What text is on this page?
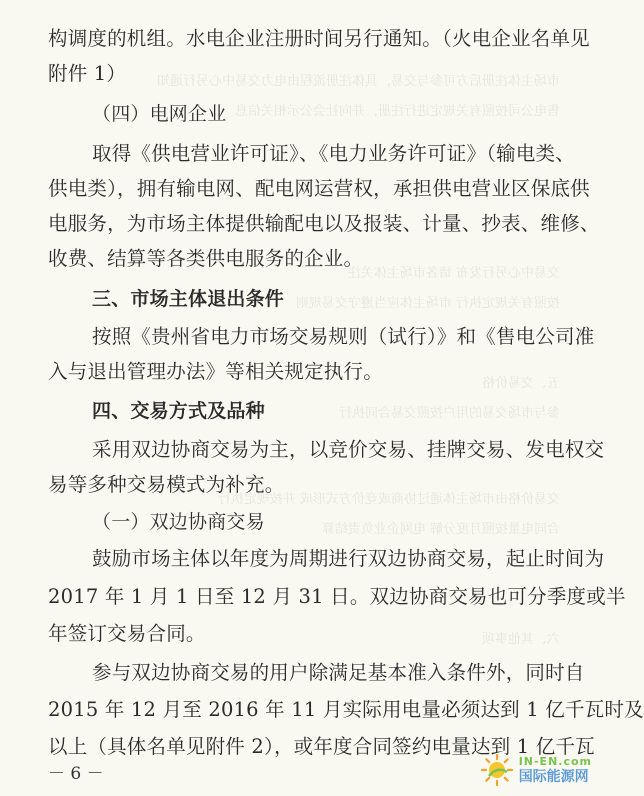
市场主体注册后方可参与交易，具体注册流程由电力交易中心另行通知
售电公司按照有关规定进行注册，并向社会公示相关信息
交易中心另行发布 请各市场主体关注
按照有关规定执行 市场主体应当遵守交易规则
五、交易价格
参与市场交易的用户按照交易合同执行
交易价格由市场主体通过协商或竞价方式形成 并按规定执行
合同电量按照月度分解 电网企业负责结算
六、其他事项
构调度的机组。水电企业注册时间另行通知。（火电企业名单见
附件 1）
（四）电网企业
取得《供电营业许可证》、《电力业务许可证》（输电类、
供电类），拥有输电网、配电网运营权，承担供电营业区保底供
电服务，为市场主体提供输配电以及报装、计量、抄表、维修、
收费、结算等各类供电服务的企业。
三、市场主体退出条件
按照《贵州省电力市场交易规则（试行）》和《售电公司准
入与退出管理办法》等相关规定执行。
四、交易方式及品种
采用双边协商交易为主，以竞价交易、挂牌交易、发电权交
易等多种交易模式为补充。
（一）双边协商交易
鼓励市场主体以年度为周期进行双边协商交易，起止时间为
2017 年 1 月 1 日至 12 月 31 日。双边协商交易也可分季度或半
年签订交易合同。
参与双边协商交易的用户除满足基本准入条件外，同时自
2015 年 12 月至 2016 年 11 月实际用电量必须达到 1 亿千瓦时及
以上（具体名单见附件 2），或年度合同签约电量达到 1 亿千瓦
－ 6 －
IN-EN.com
国际能源网
